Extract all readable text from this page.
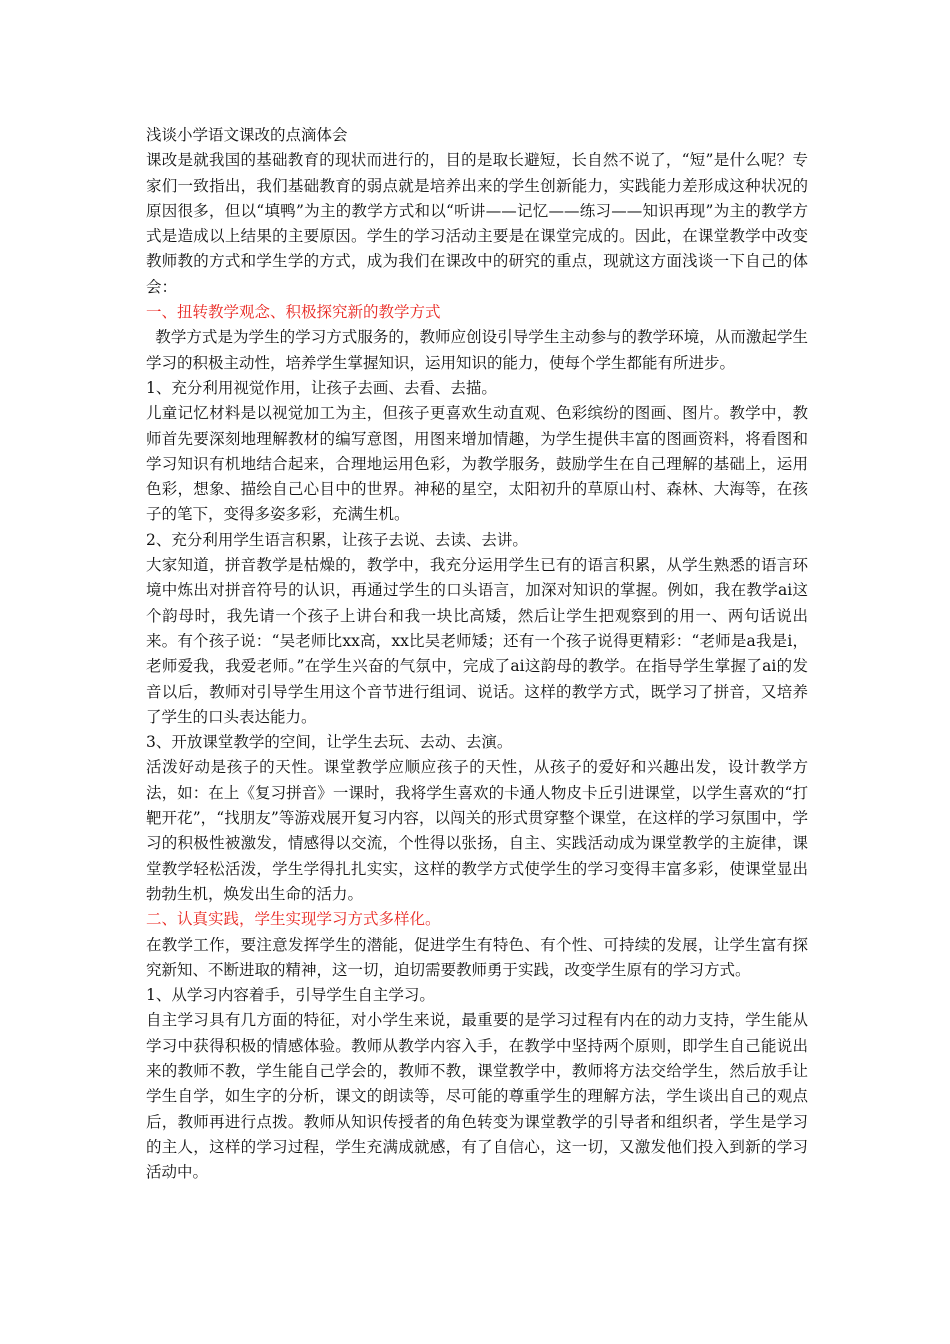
浅谈小学语文课改的点滴体会

课改是就我国的基础教育的现状而进行的，目的是取长避短，长自然不说了，“短”是什么呢？专家们一致指出，我们基础教育的弱点就是培养出来的学生创新能力，实践能力差形成这种状况的原因很多，但以“填鸭”为主的教学方式和以“听讲——记忆——练习——知识再现”为主的教学方式是造成以上结果的主要原因。学生的学习活动主要是在课堂完成的。因此，在课堂教学中改变教师教的方式和学生学的方式，成为我们在课改中的研究的重点，现就这方面浅谈一下自己的体会：

一、扭转教学观念、积极探究新的教学方式

教学方式是为学生的学习方式服务的，教师应创设引导学生主动参与的教学环境，从而激起学生学习的积极主动性，培养学生掌握知识，运用知识的能力，使每个学生都能有所进步。

1、充分利用视觉作用，让孩子去画、去看、去描。

儿童记忆材料是以视觉加工为主，但孩子更喜欢生动直观、色彩缤纷的图画、图片。教学中，教师首先要深刻地理解教材的编写意图，用图来增加情趣，为学生提供丰富的图画资料，将看图和学习知识有机地结合起来，合理地运用色彩，为教学服务，鼓励学生在自己理解的基础上，运用色彩，想象、描绘自己心目中的世界。神秘的星空，太阳初升的草原山村、森林、大海等，在孩子的笔下，变得多姿多彩，充满生机。

2、充分利用学生语言积累，让孩子去说、去读、去讲。

大家知道，拼音教学是枯燥的，教学中，我充分运用学生已有的语言积累，从学生熟悉的语言环境中炼出对拼音符号的认识，再通过学生的口头语言，加深对知识的掌握。例如，我在教学ai这个韵母时，我先请一个孩子上讲台和我一块比高矮，然后让学生把观察到的用一、两句话说出来。有个孩子说：“吴老师比xx高，xx比吴老师矮；还有一个孩子说得更精彩：“老师是a我是i，老师爱我，我爱老师。”在学生兴奋的气氛中，完成了ai这韵母的教学。在指导学生掌握了ai的发音以后，教师对引导学生用这个音节进行组词、说话。这样的教学方式，既学习了拼音，又培养了学生的口头表达能力。

3、开放课堂教学的空间，让学生去玩、去动、去演。

活泼好动是孩子的天性。课堂教学应顺应孩子的天性，从孩子的爱好和兴趣出发，设计教学方法，如：在上《复习拼音》一课时，我将学生喜欢的卡通人物皮卡丘引进课堂，以学生喜欢的“打靶开花”，“找朋友”等游戏展开复习内容，以闯关的形式贯穿整个课堂，在这样的学习氛围中，学习的积极性被激发，情感得以交流，个性得以张扬，自主、实践活动成为课堂教学的主旋律，课堂教学轻松活泼，学生学得扎扎实实，这样的教学方式使学生的学习变得丰富多彩，使课堂显出勃勃生机，焕发出生命的活力。

二、认真实践，学生实现学习方式多样化。

在教学工作，要注意发挥学生的潜能，促进学生有特色、有个性、可持续的发展，让学生富有探究新知、不断进取的精神，这一切，迫切需要教师勇于实践，改变学生原有的学习方式。

1、从学习内容着手，引导学生自主学习。

自主学习具有几方面的特征，对小学生来说，最重要的是学习过程有内在的动力支持，学生能从学习中获得积极的情感体验。教师从教学内容入手，在教学中坚持两个原则，即学生自己能说出来的教师不教，学生能自己学会的，教师不教，课堂教学中，教师将方法交给学生，然后放手让学生自学，如生字的分析，课文的朗读等，尽可能的尊重学生的理解方法，学生谈出自己的观点后，教师再进行点拨。教师从知识传授者的角色转变为课堂教学的引导者和组织者，学生是学习的主人，这样的学习过程，学生充满成就感，有了自信心，这一切，又激发他们投入到新的学习活动中。
